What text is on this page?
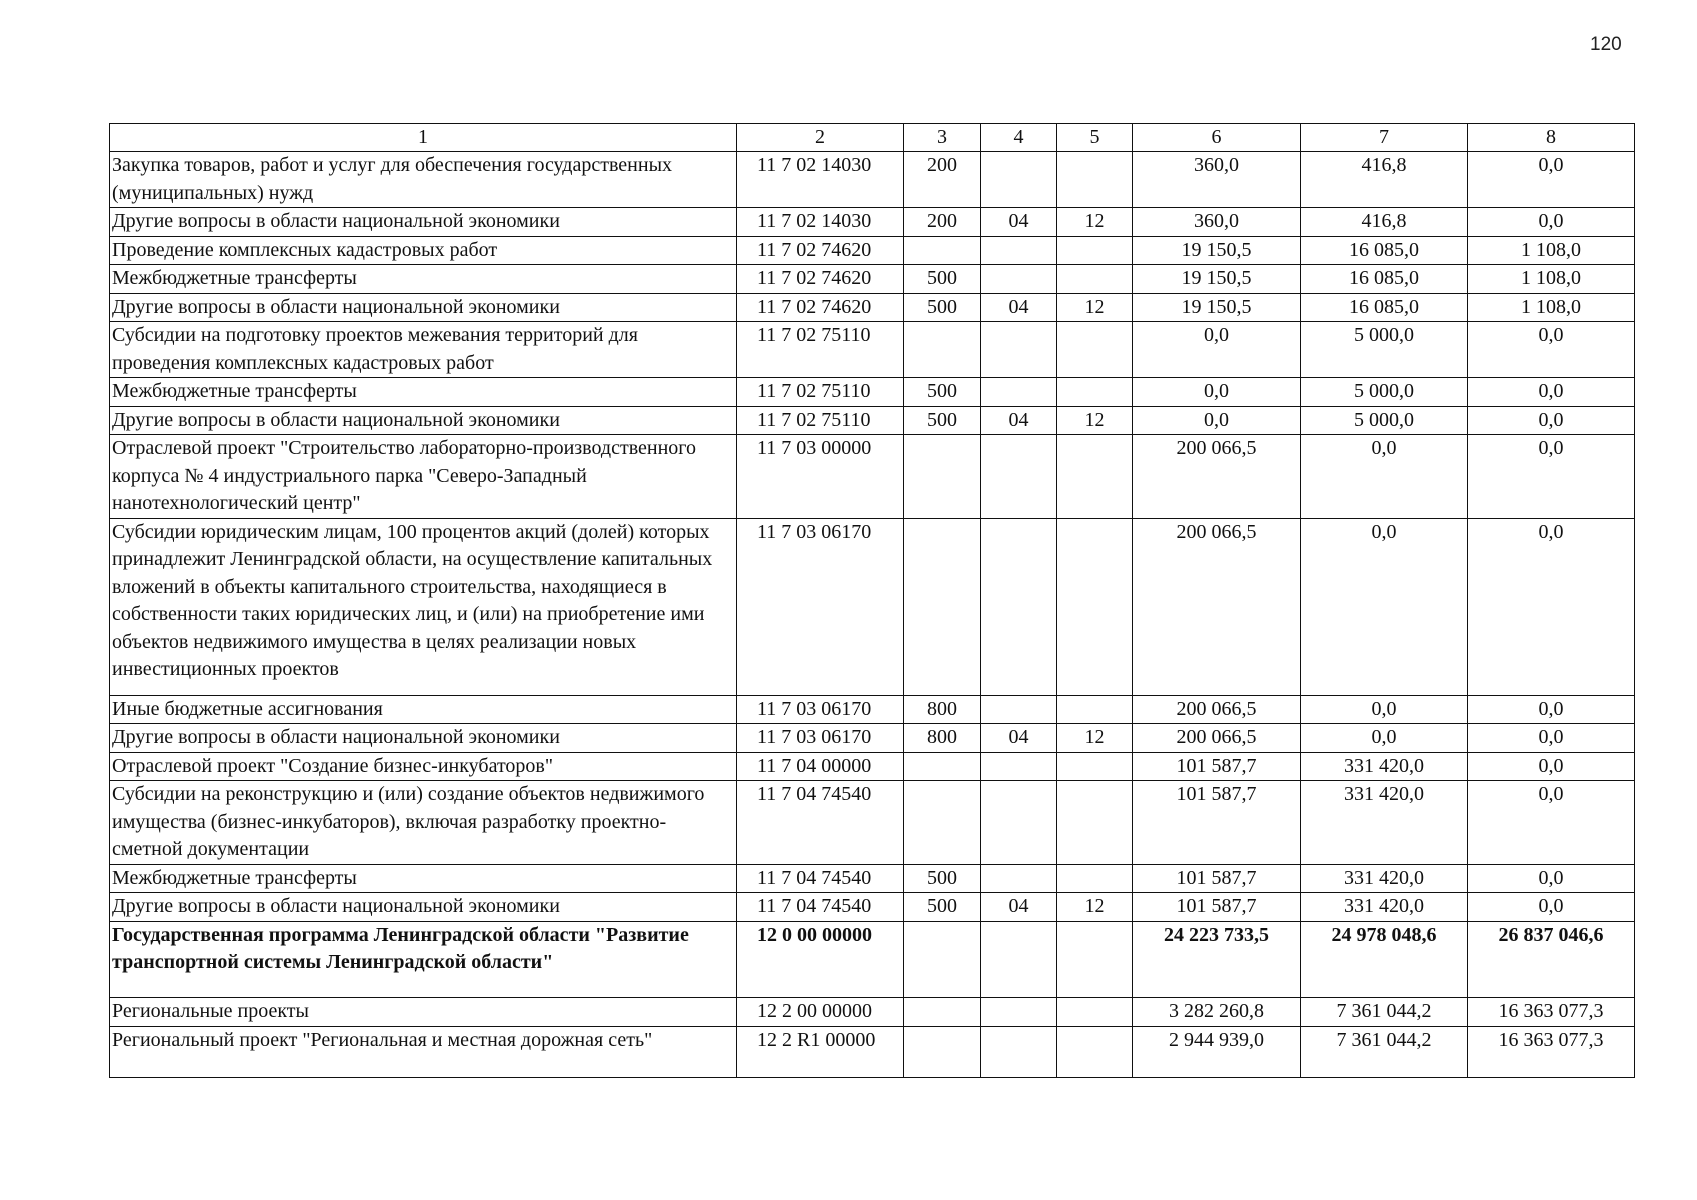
120
1	2	3	4	5	6	7	8
Закупка товаров, работ и услуг для обеспечения государственных (муниципальных) нужд	11 7 02 14030	200			360,0	416,8	0,0
Другие вопросы в области национальной экономики	11 7 02 14030	200	04	12	360,0	416,8	0,0
Проведение комплексных кадастровых работ	11 7 02 74620				19 150,5	16 085,0	1 108,0
Межбюджетные трансферты	11 7 02 74620	500			19 150,5	16 085,0	1 108,0
Другие вопросы в области национальной экономики	11 7 02 74620	500	04	12	19 150,5	16 085,0	1 108,0
Субсидии на подготовку проектов межевания территорий для проведения комплексных кадастровых работ	11 7 02 75110				0,0	5 000,0	0,0
Межбюджетные трансферты	11 7 02 75110	500			0,0	5 000,0	0,0
Другие вопросы в области национальной экономики	11 7 02 75110	500	04	12	0,0	5 000,0	0,0
Отраслевой проект "Строительство лабораторно-производственного корпуса № 4 индустриального парка "Северо-Западный нанотехнологический центр"	11 7 03 00000				200 066,5	0,0	0,0
Субсидии юридическим лицам, 100 процентов акций (долей) которых принадлежит Ленинградской области, на осуществление капитальных вложений в объекты капитального строительства, находящиеся в собственности таких юридических лиц, и (или) на приобретение ими объектов недвижимого имущества в целях реализации новых инвестиционных проектов	11 7 03 06170				200 066,5	0,0	0,0
Иные бюджетные ассигнования	11 7 03 06170	800			200 066,5	0,0	0,0
Другие вопросы в области национальной экономики	11 7 03 06170	800	04	12	200 066,5	0,0	0,0
Отраслевой проект "Создание бизнес-инкубаторов"	11 7 04 00000				101 587,7	331 420,0	0,0
Субсидии на реконструкцию и (или) создание объектов недвижимого имущества (бизнес-инкубаторов), включая разработку проектно-сметной документации	11 7 04 74540				101 587,7	331 420,0	0,0
Межбюджетные трансферты	11 7 04 74540	500			101 587,7	331 420,0	0,0
Другие вопросы в области национальной экономики	11 7 04 74540	500	04	12	101 587,7	331 420,0	0,0
Государственная программа Ленинградской области "Развитие транспортной системы Ленинградской области"	12 0 00 00000				24 223 733,5	24 978 048,6	26 837 046,6
Региональные проекты	12 2 00 00000				3 282 260,8	7 361 044,2	16 363 077,3
Региональный проект "Региональная и местная дорожная сеть"	12 2 R1 00000				2 944 939,0	7 361 044,2	16 363 077,3
